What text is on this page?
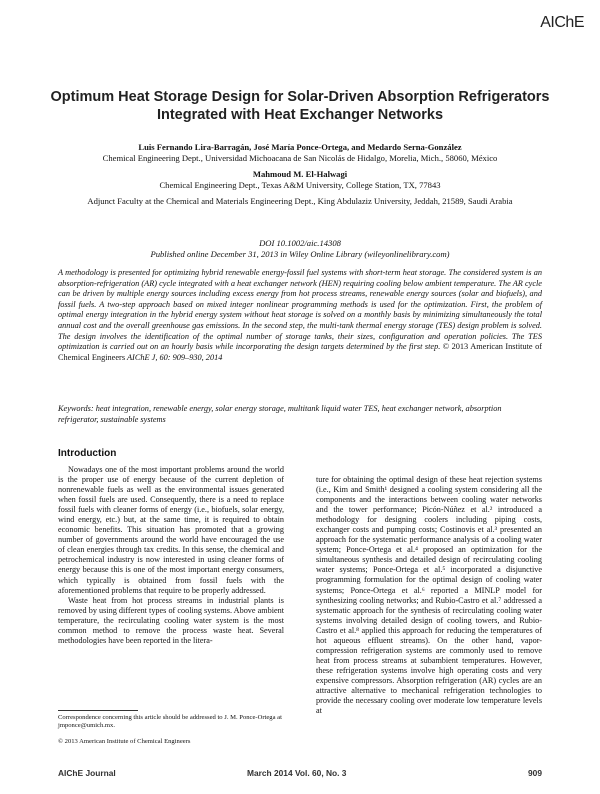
AIChE
Optimum Heat Storage Design for Solar-Driven Absorption Refrigerators Integrated with Heat Exchanger Networks
Luis Fernando Lira-Barragán, José María Ponce-Ortega, and Medardo Serna-González
Chemical Engineering Dept., Universidad Michoacana de San Nicolás de Hidalgo, Morelia, Mich., 58060, México
Mahmoud M. El-Halwagi
Chemical Engineering Dept., Texas A&M University, College Station, TX, 77843
Adjunct Faculty at the Chemical and Materials Engineering Dept., King Abdulaziz University, Jeddah, 21589, Saudi Arabia
DOI 10.1002/aic.14308
Published online December 31, 2013 in Wiley Online Library (wileyonlinelibrary.com)
A methodology is presented for optimizing hybrid renewable energy-fossil fuel systems with short-term heat storage. The considered system is an absorption-refrigeration (AR) cycle integrated with a heat exchanger network (HEN) requiring cooling below ambient temperature. The AR cycle can be driven by multiple energy sources including excess energy from hot process streams, renewable energy sources (solar and biofuels), and fossil fuels. A two-step approach based on mixed integer nonlinear programming methods is used for the optimization. First, the problem of optimal energy integration in the hybrid energy system without heat storage is solved on a monthly basis by minimizing simultaneously the total annual cost and the overall greenhouse gas emissions. In the second step, the multi-tank thermal energy storage (TES) design problem is solved. The design involves the identification of the optimal number of storage tanks, their sizes, configuration and operation policies. The TES optimization is carried out on an hourly basis while incorporating the design targets determined by the first step. © 2013 American Institute of Chemical Engineers AIChE J, 60: 909–930, 2014
Keywords: heat integration, renewable energy, solar energy storage, multitank liquid water TES, heat exchanger network, absorption refrigerator, sustainable systems
Introduction

Nowadays one of the most important problems around the world is the proper use of energy because of the current depletion of nonrenewable fuels as well as the environmental issues generated when fossil fuels are used. Consequently, there is a need to replace fossil fuels with cleaner forms of energy (i.e., biofuels, solar energy, wind energy, etc.) but, at the same time, it is required to obtain economic benefits. This situation has promoted that a growing number of governments around the world have encouraged the use of clean energies through tax credits. In this sense, the chemical and petrochemical industry is now interested in using cleaner forms of energy because this is one of the most important energy consumers, which typically is obtained from fossil fuels with the aforementioned problems that require to be properly addressed.

Waste heat from hot process streams in industrial plants is removed by using different types of cooling systems. Above ambient temperature, the recirculating cooling water system is the most common method to remove the process waste heat. Several methodologies have been reported in the litera-

Correspondence concerning this article should be addressed to J. M. Ponce-Ortega at jmponce@umich.mx.
© 2013 American Institute of Chemical Engineers

ture for obtaining the optimal design of these heat rejection systems (i.e., Kim and Smith¹ designed a cooling system considering all the components and the interactions between cooling water networks and the tower performance; Picón-Núñez et al.² introduced a methodology for designing coolers including piping costs, exchanger costs and pumping costs; Costinovis et al.³ presented an approach for the systematic performance analysis of a cooling water system; Ponce-Ortega et al.⁴ proposed an optimization for the simultaneous synthesis and detailed design of recirculating cooling water systems; Ponce-Ortega et al.⁵ incorporated a disjunctive programming formulation for the optimal design of cooling water systems; Ponce-Ortega et al.⁶ reported a MINLP model for synthesizing cooling networks; and Rubio-Castro et al.⁷ addressed a systematic approach for the synthesis of recirculating cooling water systems involving detailed design of cooling towers, and Rubio-Castro et al.⁸ applied this approach for reducing the temperatures of hot aqueous effluent streams). On the other hand, vapor-compression refrigeration systems are commonly used to remove heat from process streams at subambient temperatures. However, these refrigeration systems involve high operating costs and very expensive compressors. Absorption refrigeration (AR) cycles are an attractive alternative to mechanical refrigeration technologies to provide the necessary cooling over moderate low temperature levels at

AIChE Journal	March 2014 Vol. 60, No. 3	909
